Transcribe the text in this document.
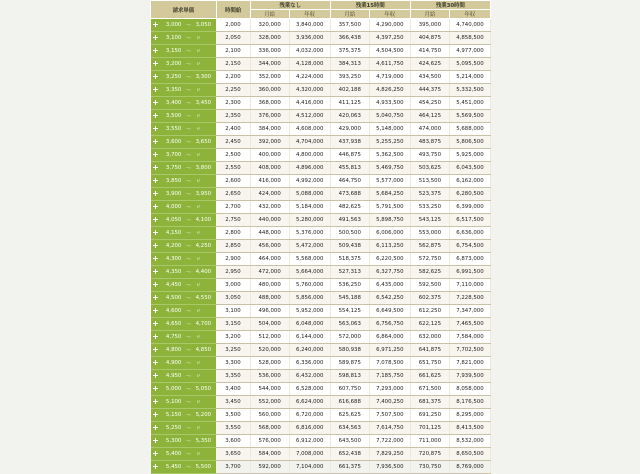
請求単価				時間給	残業なし		残業15時間		残業30時間	
					月給	年収	月給	年収	月給	年収
	3,000	～	3,050	2,000	320,000	3,840,000	357,500	4,290,000	395,000	4,740,000
	3,100	～	〃	2,050	328,000	3,936,000	366,438	4,397,250	404,875	4,858,500
	3,150	～	〃	2,100	336,000	4,032,000	375,375	4,504,500	414,750	4,977,000
	3,200	～	〃	2,150	344,000	4,128,000	384,313	4,611,750	424,625	5,095,500
	3,250	～	3,300	2,200	352,000	4,224,000	393,250	4,719,000	434,500	5,214,000
	3,350	～	〃	2,250	360,000	4,320,000	402,188	4,826,250	444,375	5,332,500
	3,400	～	3,450	2,300	368,000	4,416,000	411,125	4,933,500	454,250	5,451,000
	3,500	～	〃	2,350	376,000	4,512,000	420,063	5,040,750	464,125	5,569,500
	3,550	～	〃	2,400	384,000	4,608,000	429,000	5,148,000	474,000	5,688,000
	3,600	～	3,650	2,450	392,000	4,704,000	437,938	5,255,250	483,875	5,806,500
	3,700	～	〃	2,500	400,000	4,800,000	446,875	5,362,500	493,750	5,925,000
	3,750	～	3,800	2,550	408,000	4,896,000	455,813	5,469,750	503,625	6,043,500
	3,850	～	〃	2,600	416,000	4,992,000	464,750	5,577,000	513,500	6,162,000
	3,900	～	3,950	2,650	424,000	5,088,000	473,688	5,684,250	523,375	6,280,500
	4,000	～	〃	2,700	432,000	5,184,000	482,625	5,791,500	533,250	6,399,000
	4,050	～	4,100	2,750	440,000	5,280,000	491,563	5,898,750	543,125	6,517,500
	4,150	～	〃	2,800	448,000	5,376,000	500,500	6,006,000	553,000	6,636,000
	4,200	～	4,250	2,850	456,000	5,472,000	509,438	6,113,250	562,875	6,754,500
	4,300	～	〃	2,900	464,000	5,568,000	518,375	6,220,500	572,750	6,873,000
	4,350	～	4,400	2,950	472,000	5,664,000	527,313	6,327,750	582,625	6,991,500
	4,450	～	〃	3,000	480,000	5,760,000	536,250	6,435,000	592,500	7,110,000
	4,500	～	4,550	3,050	488,000	5,856,000	545,188	6,542,250	602,375	7,228,500
	4,600	～	〃	3,100	496,000	5,952,000	554,125	6,649,500	612,250	7,347,000
	4,650	～	4,700	3,150	504,000	6,048,000	563,063	6,756,750	622,125	7,465,500
	4,750	～	〃	3,200	512,000	6,144,000	572,000	6,864,000	632,000	7,584,000
	4,800	～	4,850	3,250	520,000	6,240,000	580,938	6,971,250	641,875	7,702,500
	4,900	～	〃	3,300	528,000	6,336,000	589,875	7,078,500	651,750	7,821,000
	4,950	～	〃	3,350	536,000	6,432,000	598,813	7,185,750	661,625	7,939,500
	5,000	～	5,050	3,400	544,000	6,528,000	607,750	7,293,000	671,500	8,058,000
	5,100	～	〃	3,450	552,000	6,624,000	616,688	7,400,250	681,375	8,176,500
	5,150	～	5,200	3,500	560,000	6,720,000	625,625	7,507,500	691,250	8,295,000
	5,250	～	〃	3,550	568,000	6,816,000	634,563	7,614,750	701,125	8,413,500
	5,300	～	5,350	3,600	576,000	6,912,000	643,500	7,722,000	711,000	8,532,000
	5,400	～	〃	3,650	584,000	7,008,000	652,438	7,829,250	720,875	8,650,500
	5,450	～	5,500	3,700	592,000	7,104,000	661,375	7,936,500	730,750	8,769,000
